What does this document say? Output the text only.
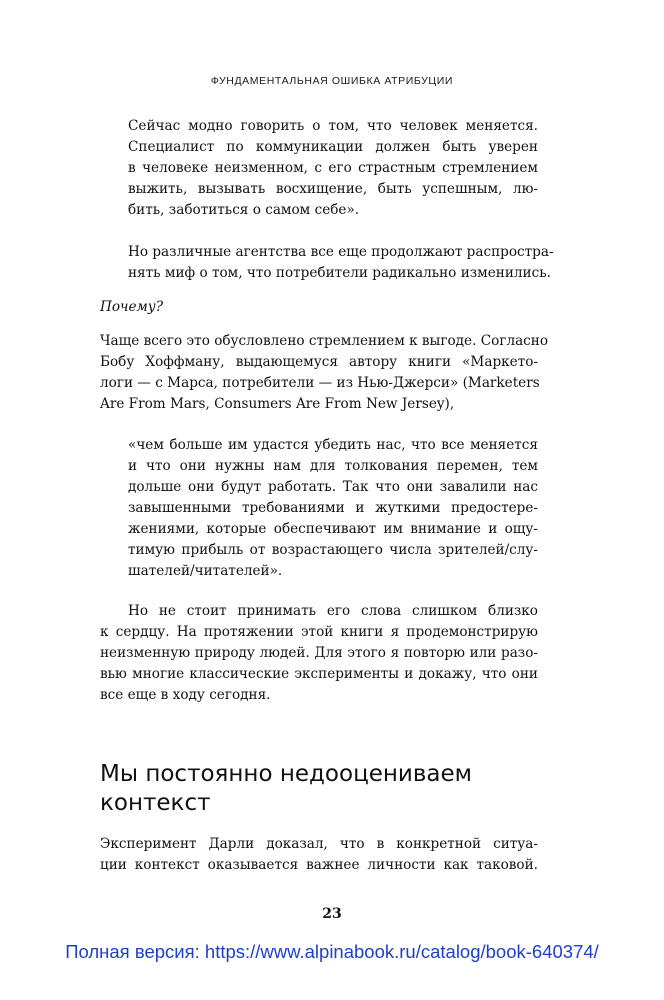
ФУНДАМЕНТАЛЬНАЯ ОШИБКА АТРИБУЦИИ
Сейчас модно говорить о том, что человек меняется.
Специалист по коммуникации должен быть уверен
в человеке неизменном, с его страстным стремлением
выжить, вызывать восхищение, быть успешным, лю-
бить, заботиться о самом себе».
Но различные агентства все еще продолжают распростра-
нять миф о том, что потребители радикально изменились.
Почему?
Чаще всего это обусловлено стремлением к выгоде. Согласно
Бобу Хоффману, выдающемуся автору книги «Маркето-
логи — с Марса, потребители — из Нью-Джерси» (Marketers
Are From Mars, Consumers Are From New Jersey),
«чем больше им удастся убедить нас, что все меняется
и что они нужны нам для толкования перемен, тем
дольше они будут работать. Так что они завалили нас
завышенными требованиями и жуткими предостере-
жениями, которые обеспечивают им внимание и ощу-
тимую прибыль от возрастающего числа зрителей/слу-
шателей/читателей».
Но не стоит принимать его слова слишком близко
к сердцу. На протяжении этой книги я продемонстрирую
неизменную природу людей. Для этого я повторю или разо-
вью многие классические эксперименты и докажу, что они
все еще в ходу сегодня.
Мы постоянно недооцениваем
контекст
Эксперимент Дарли доказал, что в конкретной ситуа-
ции контекст оказывается важнее личности как таковой.
23
Полная версия: https://www.alpinabook.ru/catalog/book-640374/
